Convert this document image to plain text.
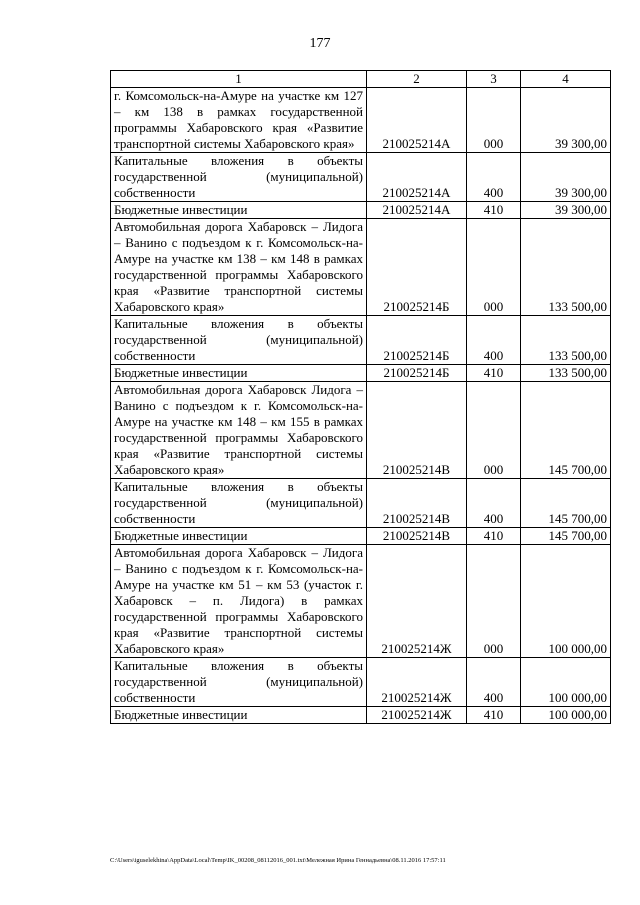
177
1	2	3	4
г. Комсомольск-на-Амуре на участке км 127 – км 138 в рамках государственной программы Хабаровского края «Развитие транспортной системы Хабаровского края»	210025214А	000	39 300,00
Капитальные вложения в объекты государственной (муниципальной) собственности	210025214А	400	39 300,00
Бюджетные инвестиции	210025214А	410	39 300,00
Автомобильная дорога Хабаровск – Лидога – Ванино с подъездом к г. Комсомольск-на-Амуре на участке км 138 – км 148 в рамках государственной программы Хабаровского края «Развитие транспортной системы Хабаровского края»	210025214Б	000	133 500,00
Капитальные вложения в объекты государственной (муниципальной) собственности	210025214Б	400	133 500,00
Бюджетные инвестиции	210025214Б	410	133 500,00
Автомобильная дорога Хабаровск Лидога – Ванино с подъездом к г. Комсомольск-на-Амуре на участке км 148 – км 155 в рамках государственной программы Хабаровского края «Развитие транспортной системы Хабаровского края»	210025214В	000	145 700,00
Капитальные вложения в объекты государственной (муниципальной) собственности	210025214В	400	145 700,00
Бюджетные инвестиции	210025214В	410	145 700,00
Автомобильная дорога Хабаровск – Лидога – Ванино с подъездом к г. Комсомольск-на-Амуре на участке км 51 – км 53 (участок г. Хабаровск – п. Лидога) в рамках государственной программы Хабаровского края «Развитие транспортной системы Хабаровского края»	210025214Ж	000	100 000,00
Капитальные вложения в объекты государственной (муниципальной) собственности	210025214Ж	400	100 000,00
Бюджетные инвестиции	210025214Ж	410	100 000,00
C:\Users\iguselekhina\AppData\Local\Temp\IK_00208_08112016_001.txt\Мележная Ирина Геннадьевна\08.11.2016 17:57:11
